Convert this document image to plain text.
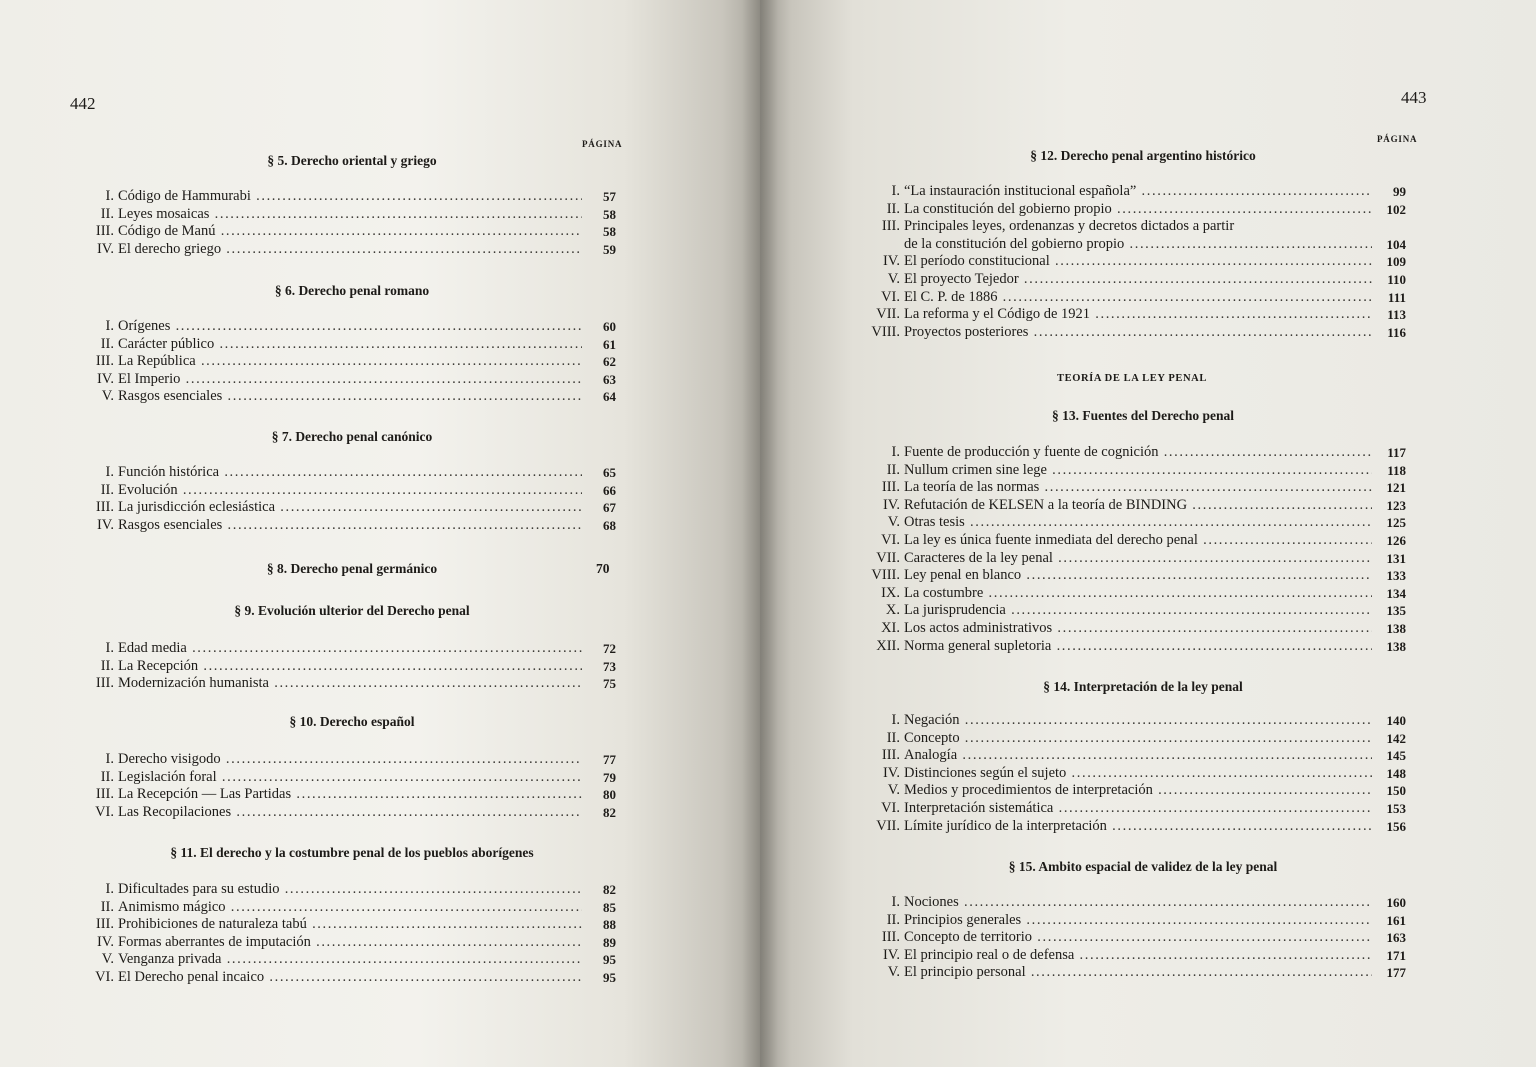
442
PÁGINA
§ 5. Derecho oriental y griego
I. Código de Hammurabi .....	57
II. Leyes mosaicas .....	58
III. Código de Manú .....	58
IV. El derecho griego .....	59
§ 6. Derecho penal romano
I. Orígenes .....	60
II. Carácter público .....	61
III. La República .....	62
IV. El Imperio .....	63
V. Rasgos esenciales .....	64
§ 7. Derecho penal canónico
I. Función histórica .....	65
II. Evolución .....	66
III. La jurisdicción eclesiástica .....	67
IV. Rasgos esenciales .....	68
§ 8. Derecho penal germánico	70
§ 9. Evolución ulterior del Derecho penal
I. Edad media .....	72
II. La Recepción .....	73
III. Modernización humanista .....	75
§ 10. Derecho español
I. Derecho visigodo .....	77
II. Legislación foral .....	79
III. La Recepción — Las Partidas .....	80
VI. Las Recopilaciones .....	82
§ 11. El derecho y la costumbre penal de los pueblos aborígenes
I. Dificultades para su estudio .....	82
II. Animismo mágico .....	85
III. Prohibiciones de naturaleza tabú .....	88
IV. Formas aberrantes de imputación .....	89
V. Venganza privada .....	95
VI. El Derecho penal incaico .....	95
443
PÁGINA
TEORÍA DE LA LEY PENAL
§ 12. Derecho penal argentino histórico
I. “La instauración institucional española” .....	99
II. La constitución del gobierno propio .....	102
III. Principales leyes, ordenanzas y decretos dictados a partir
de la constitución del gobierno propio .....	104
IV. El período constitucional .....	109
V. El proyecto Tejedor .....	110
VI. El C. P. de 1886 .....	111
VII. La reforma y el Código de 1921 .....	113
VIII. Proyectos posteriores .....	116
§ 13. Fuentes del Derecho penal
I. Fuente de producción y fuente de cognición .....	117
II. Nullum crimen sine lege .....	118
III. La teoría de las normas .....	121
IV. Refutación de KELSEN a la teoría de BINDING .....	123
V. Otras tesis .....	125
VI. La ley es única fuente inmediata del derecho penal .....	126
VII. Caracteres de la ley penal .....	131
VIII. Ley penal en blanco .....	133
IX. La costumbre .....	134
X. La jurisprudencia .....	135
XI. Los actos administrativos .....	138
XII. Norma general supletoria .....	138
§ 14. Interpretación de la ley penal
I. Negación .....	140
II. Concepto .....	142
III. Analogía .....	145
IV. Distinciones según el sujeto .....	148
V. Medios y procedimientos de interpretación .....	150
VI. Interpretación sistemática .....	153
VII. Límite jurídico de la interpretación .....	156
§ 15. Ambito espacial de validez de la ley penal
I. Nociones .....	160
II. Principios generales .....	161
III. Concepto de territorio .....	163
IV. El principio real o de defensa .....	171
V. El principio personal .....	177
